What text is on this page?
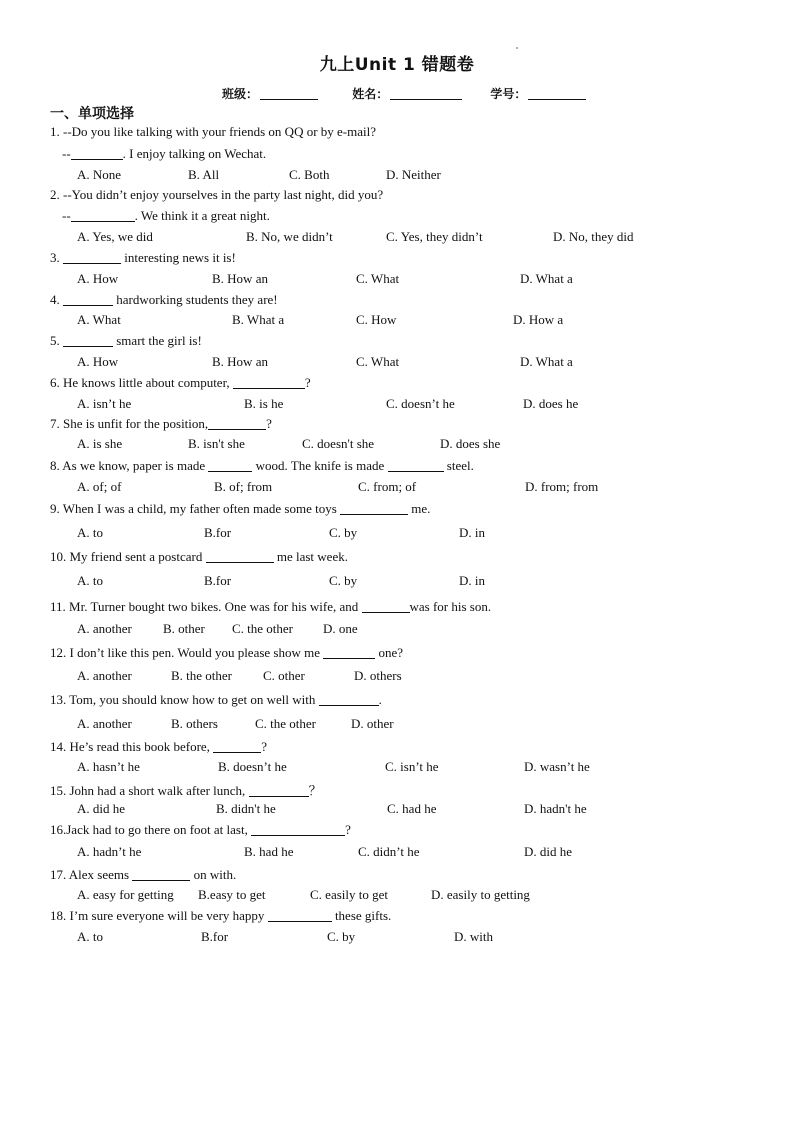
九上Unit 1 错题卷
班级：	姓名：	学号：
一、单项选择
1. --Do you like talking with your friends on QQ or by e-mail?
--	. I enjoy talking on Wechat.
A. None	B. All	C. Both	D. Neither
2. --You didn’t enjoy yourselves in the party last night, did you?
--	. We think it a great night.
A. Yes, we did	B. No, we didn’t	C. Yes, they didn’t	D. No, they did
3.	interesting news it is!
A. How	B. How an	C. What	D. What a
4.	hardworking students they are!
A. What	B. What a	C. How	D. How a
5.	smart the girl is!
A. How	B. How an	C. What	D. What a
6. He knows little about computer,	?
A. isn’t he	B. is he	C. doesn’t he	D. does he
7. She is unfit for the position,	?
A. is she	B. isn't she	C. doesn't she	D. does she
8. As we know, paper is made	wood. The knife is made	steel.
A. of; of	B. of; from	C. from; of	D. from; from
9. When I was a child, my father often made some toys	me.
A. to	B.for	C. by	D. in
10. My friend sent a postcard	me last week.
A. to	B.for	C. by	D. in
11. Mr. Turner bought two bikes. One was for his wife, and	was for his son.
A. another B. other C. the other D. one
12. I don’t like this pen. Would you please show me	one?
A. another	B. the other C. other	D. others
13. Tom, you should know how to get on well with	.
A. another	B. others	C. the other	D. other
14. He’s read this book before,	?
A. hasn’t he	B. doesn’t he	C. isn’t he	D. wasn’t he
15. John had a short walk after lunch,	？
A. did he	B. didn't he	C. had he	D. hadn't he
16.Jack had to go there on foot at last,	?
A. hadn’t he	B. had he	C. didn’t he	D. did he
17. Alex seems	on with.
A. easy for getting B.easy to get	C. easily to get	D. easily to getting
18. I’m sure everyone will be very happy	these gifts.
A. to	B.for	C. by	D. with
